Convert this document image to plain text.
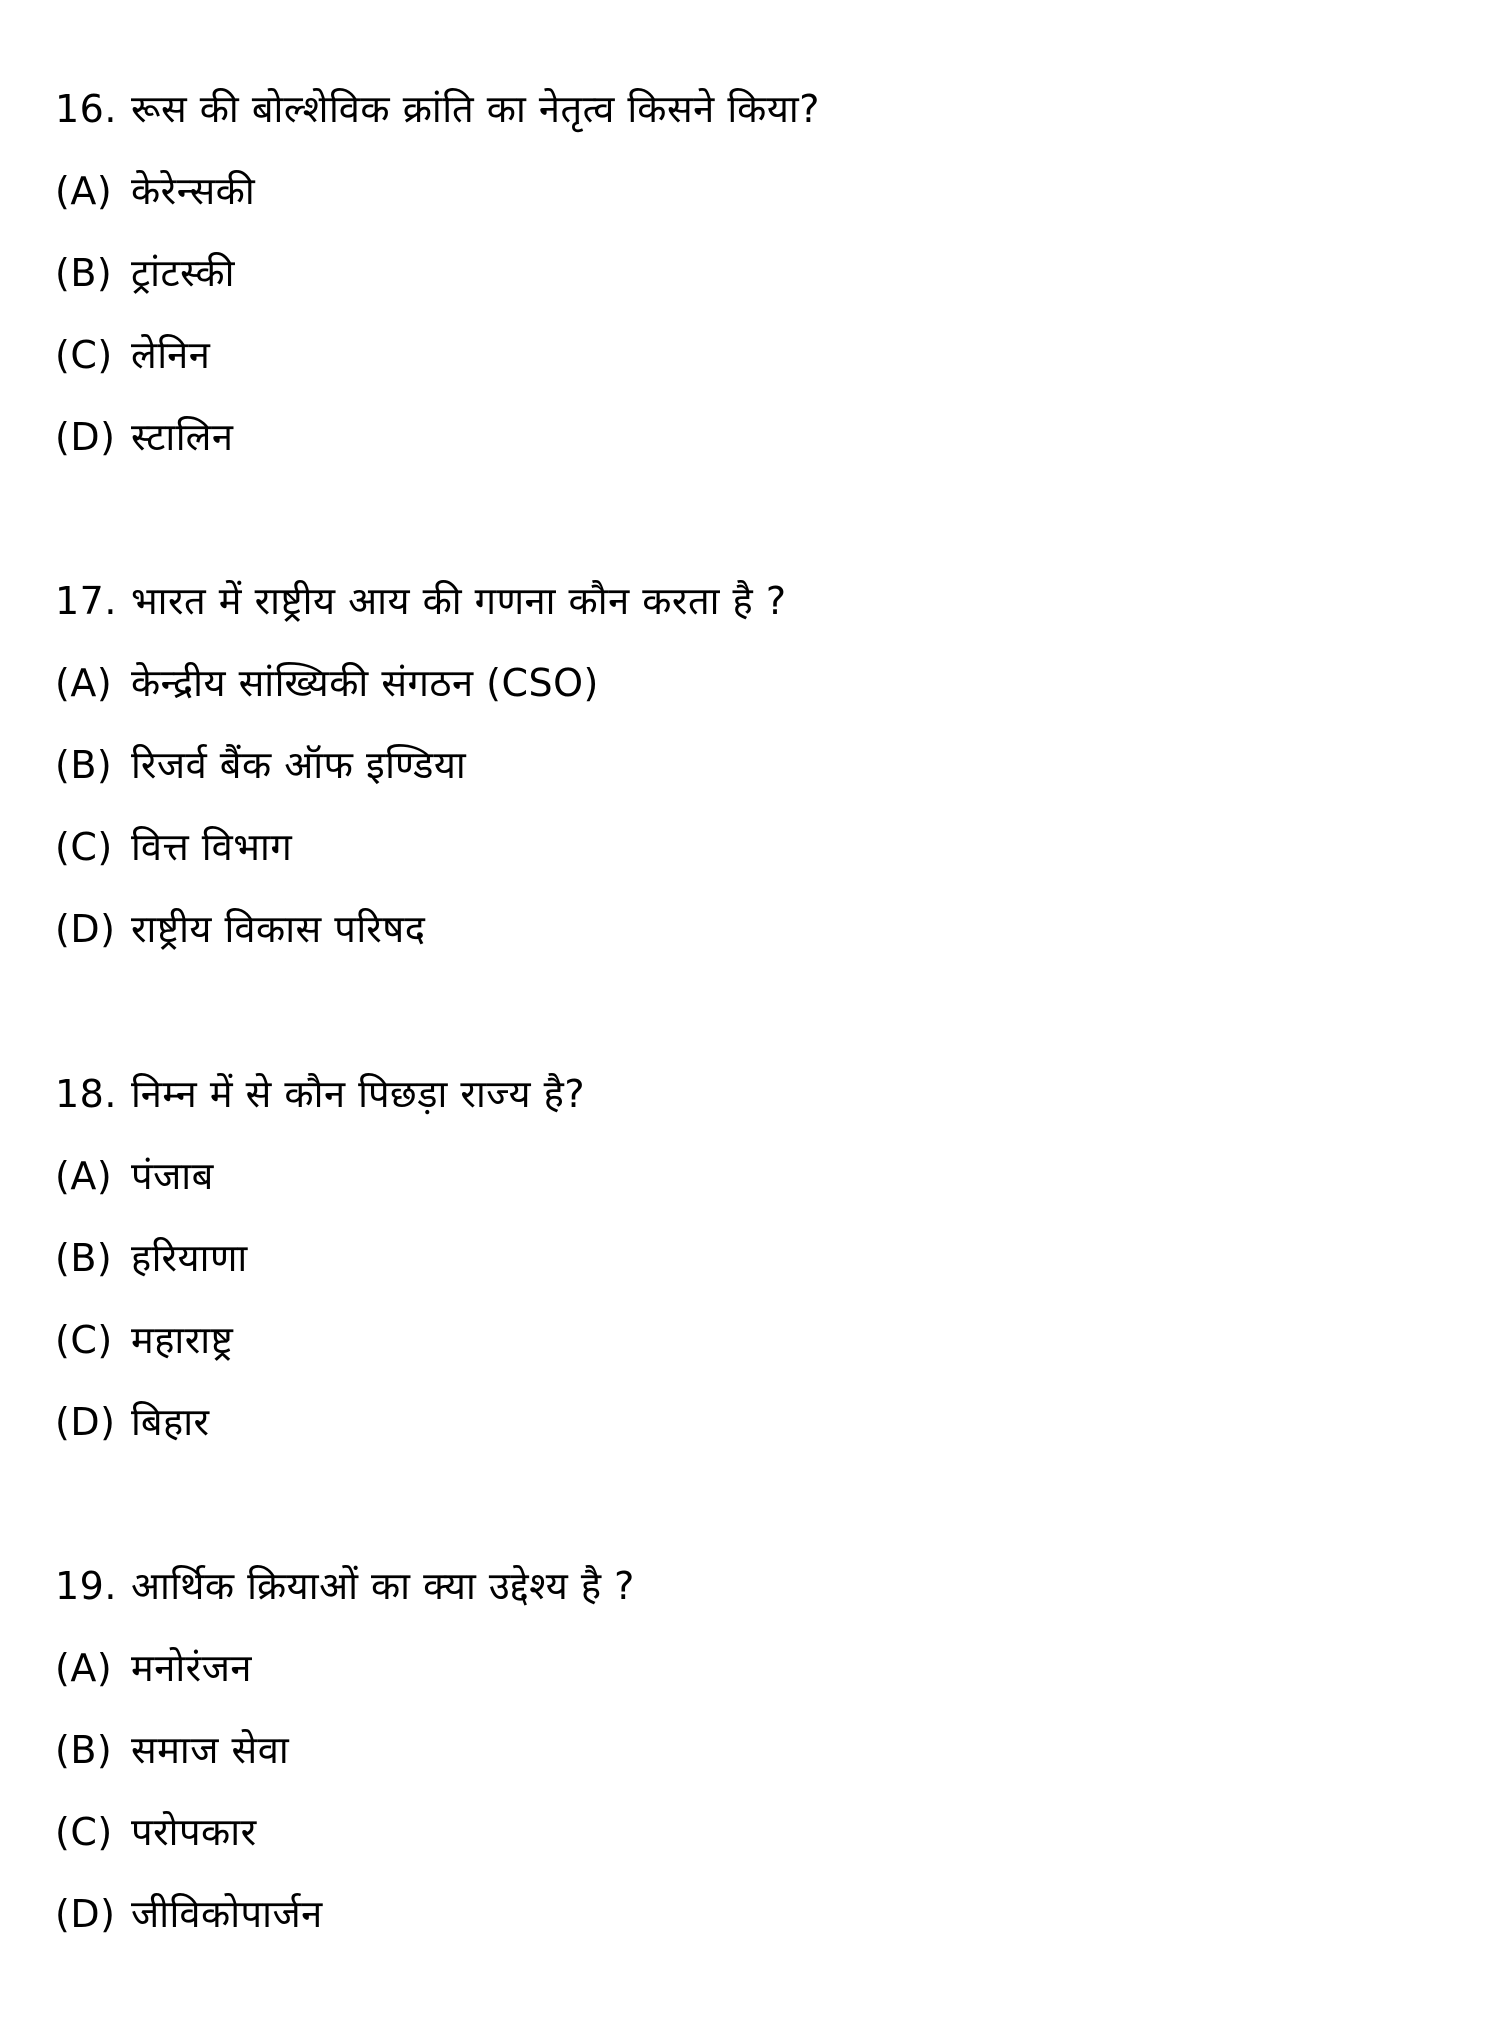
16. रूस की बोल्शेविक क्रांति का नेतृत्व किसने किया?
(A) केरेन्सकी
(B) ट्रांटस्की
(C) लेनिन
(D) स्टालिन
17. भारत में राष्ट्रीय आय की गणना कौन करता है ?
(A) केन्द्रीय सांख्यिकी संगठन (CSO)
(B) रिजर्व बैंक ऑफ इण्डिया
(C) वित्त विभाग
(D) राष्ट्रीय विकास परिषद
18. निम्न में से कौन पिछड़ा राज्य है?
(A) पंजाब
(B) हरियाणा
(C) महाराष्ट्र
(D) बिहार
19. आर्थिक क्रियाओं का क्या उद्देश्य है ?
(A) मनोरंजन
(B) समाज सेवा
(C) परोपकार
(D) जीविकोपार्जन
